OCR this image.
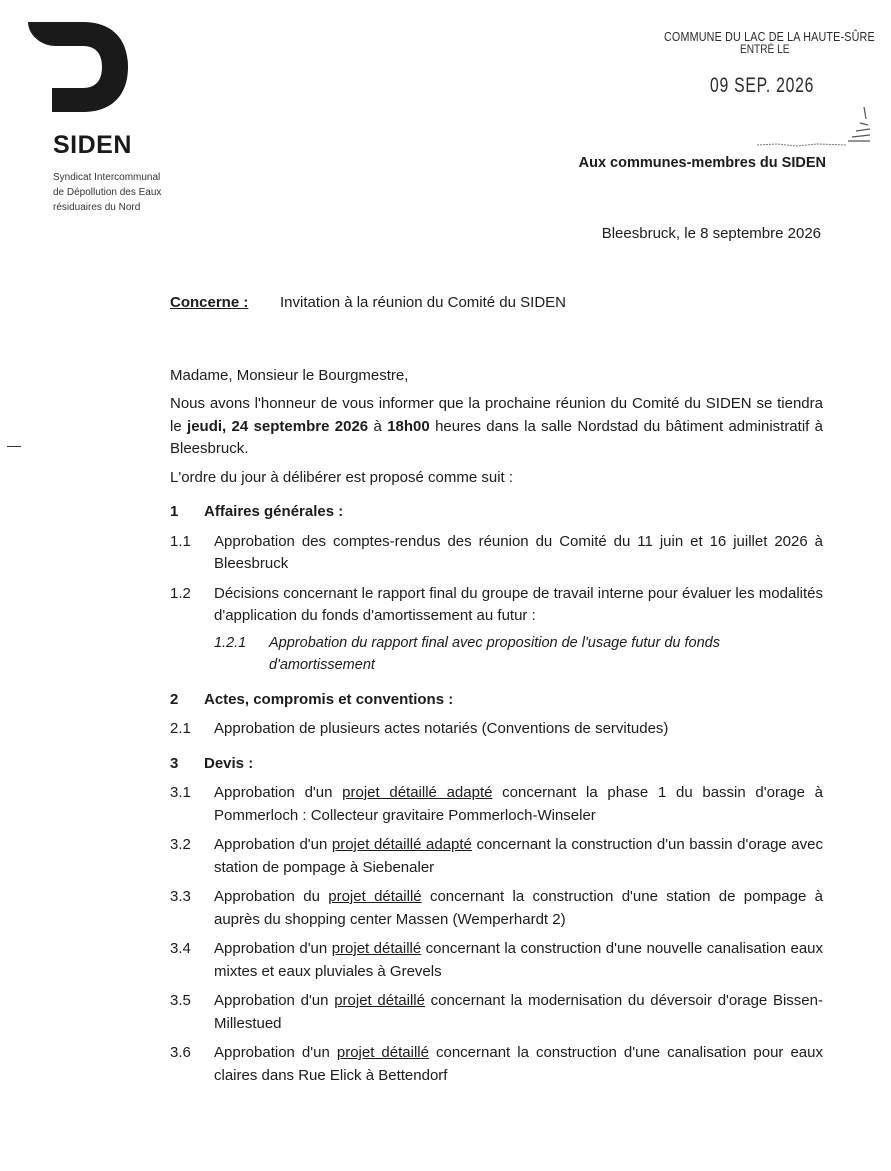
SIDEN
Syndicat Intercommunal
de Dépollution des Eaux
résiduaires du Nord
COMMUNE DU LAC DE LA HAUTE-SÛRE
ENTRÉ LE
09 SEP. 2026
Aux communes-membres du SIDEN
Bleesbruck, le 8 septembre 2026
Concerne :	Invitation à la réunion du Comité du SIDEN

Madame, Monsieur le Bourgmestre,

Nous avons l'honneur de vous informer que la prochaine réunion du Comité du SIDEN se tiendra le jeudi, 24 septembre 2026 à 18h00 heures dans la salle Nordstad du bâtiment administratif à Bleesbruck.

L'ordre du jour à délibérer est proposé comme suit :

1	Affaires générales :
1.1	Approbation des comptes-rendus des réunion du Comité du 11 juin et 16 juillet 2026 à Bleesbruck
1.2	Décisions concernant le rapport final du groupe de travail interne pour évaluer les modalités d'application du fonds d'amortissement au futur :
1.2.1	Approbation du rapport final avec proposition de l'usage futur du fonds d'amortissement
2	Actes, compromis et conventions :
2.1	Approbation de plusieurs actes notariés (Conventions de servitudes)
3	Devis :
3.1	Approbation d'un projet détaillé adapté concernant la phase 1 du bassin d'orage à Pommerloch : Collecteur gravitaire Pommerloch-Winseler
3.2	Approbation d'un projet détaillé adapté concernant la construction d'un bassin d'orage avec station de pompage à Siebenaler
3.3	Approbation du projet détaillé concernant la construction d'une station de pompage à auprès du shopping center Massen (Wemperhardt 2)
3.4	Approbation d'un projet détaillé concernant la construction d'une nouvelle canalisation eaux mixtes et eaux pluviales à Grevels
3.5	Approbation d'un projet détaillé concernant la modernisation du déversoir d'orage Bissen-Millestued
3.6	Approbation d'un projet détaillé concernant la construction d'une canalisation pour eaux claires dans Rue Elick à Bettendorf
